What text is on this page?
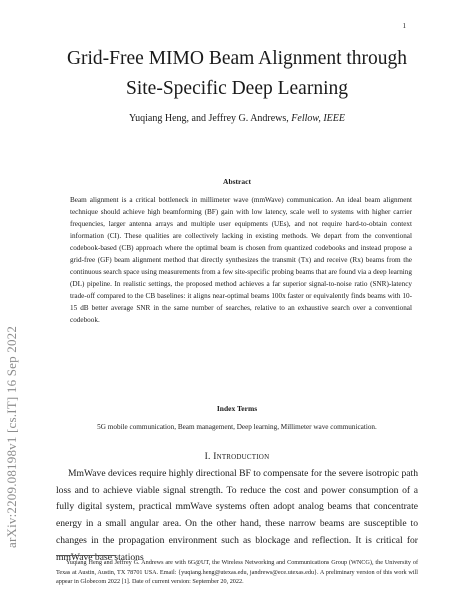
1
arXiv:2209.08198v1 [cs.IT] 16 Sep 2022
Grid-Free MIMO Beam Alignment through
Site-Specific Deep Learning
Yuqiang Heng, and Jeffrey G. Andrews, Fellow, IEEE
Abstract

Beam alignment is a critical bottleneck in millimeter wave (mmWave) communication. An ideal beam alignment technique should achieve high beamforming (BF) gain with low latency, scale well to systems with higher carrier frequencies, larger antenna arrays and multiple user equipments (UEs), and not require hard-to-obtain context information (CI). These qualities are collectively lacking in existing methods. We depart from the conventional codebook-based (CB) approach where the optimal beam is chosen from quantized codebooks and instead propose a grid-free (GF) beam alignment method that directly synthesizes the transmit (Tx) and receive (Rx) beams from the continuous search space using measurements from a few site-specific probing beams that are found via a deep learning (DL) pipeline. In realistic settings, the proposed method achieves a far superior signal-to-noise ratio (SNR)-latency trade-off compared to the CB baselines: it aligns near-optimal beams 100x faster or equivalently finds beams with 10-15 dB better average SNR in the same number of searches, relative to an exhaustive search over a conventional codebook.

Index Terms
5G mobile communication, Beam management, Deep learning, Millimeter wave communication.
I. Introduction

MmWave devices require highly directional BF to compensate for the severe isotropic path loss and to achieve viable signal strength. To reduce the cost and power consumption of a fully digital system, practical mmWave systems often adopt analog beams that concentrate energy in a small angular area. On the other hand, these narrow beams are susceptible to changes in the propagation environment such as blockage and reflection. It is critical for mmWave base stations

Yuqiang Heng and Jeffrey G. Andrews are with 6G@UT, the Wireless Networking and Communications Group (WNCG), the University of Texas at Austin, Austin, TX 78701 USA. Email: {yuqiang.heng@utexas.edu, jandrews@ece.utexas.edu}. A preliminary version of this work will appear in Globecom 2022 [1]. Date of current version: September 20, 2022.
